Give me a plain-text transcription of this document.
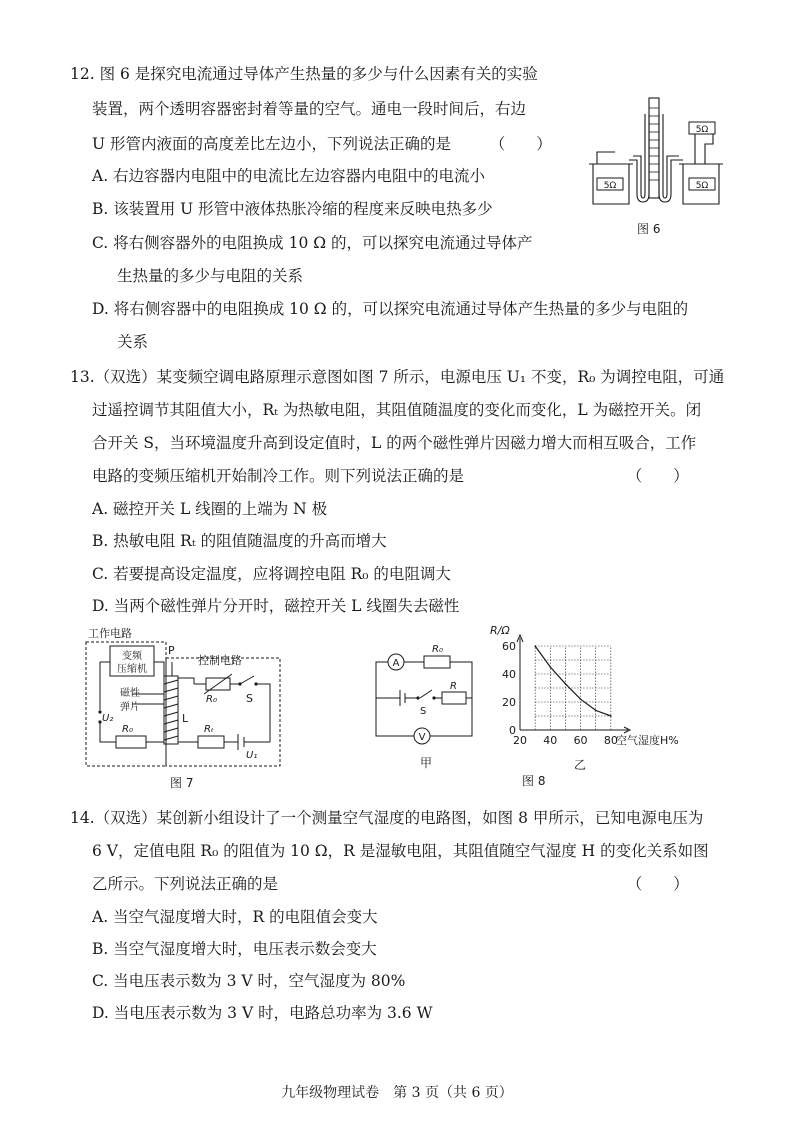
12. 图 6 是探究电流通过导体产生热量的多少与什么因素有关的实验
装置，两个透明容器密封着等量的空气。通电一段时间后，右边
U 形管内液面的高度差比左边小，下列说法正确的是　　　（　　）
A. 右边容器内电阻中的电流比左边容器内电阻中的电流小
B. 该装置用 U 形管中液体热胀冷缩的程度来反映电热多少
C. 将右侧容器外的电阻换成 10 Ω 的，可以探究电流通过导体产
生热量的多少与电阻的关系
D. 将右侧容器中的电阻换成 10 Ω 的，可以探究电流通过导体产生热量的多少与电阻的
关系
5Ω	5Ω
5Ω
图 6
13.（双选）某变频空调电路原理示意图如图 7 所示，电源电压 U₁ 不变，R₀ 为调控电阻，可通
过遥控调节其阻值大小，Rₜ 为热敏电阻，其阻值随温度的变化而变化，L 为磁控开关。闭
合开关 S，当环境温度升高到设定值时，L 的两个磁性弹片因磁力增大而相互吸合，工作
电路的变频压缩机开始制冷工作。则下列说法正确的是　　　　　　　　　　　（　　）
A. 磁控开关 L 线圈的上端为 N 极
B. 热敏电阻 Rₜ 的阻值随温度的升高而增大
C. 若要提高设定温度，应将调控电阻 R₀ 的电阻调大
D. 当两个磁性弹片分开时，磁控开关 L 线圈失去磁性
工作电路
变频
压缩机
P
控制电路
R₀	S
磁性
弹片
L
U₂
R₀	Rₜ
U₁
图 7
A
R₀
R
S
V
甲
0
20
40
60
20 40 60 80
R/Ω
空气湿度H%
乙
图 8
14.（双选）某创新小组设计了一个测量空气湿度的电路图，如图 8 甲所示，已知电源电压为
6 V，定值电阻 R₀ 的阻值为 10 Ω，R 是湿敏电阻，其阻值随空气湿度 H 的变化关系如图
乙所示。下列说法正确的是　　　　　　　　　　　　　　　　　　　　　　　（　　）
A. 当空气湿度增大时，R 的电阻值会变大
B. 当空气湿度增大时，电压表示数会变大
C. 当电压表示数为 3 V 时，空气湿度为 80%
D. 当电压表示数为 3 V 时，电路总功率为 3.6 W
九年级物理试卷　第 3 页（共 6 页）
